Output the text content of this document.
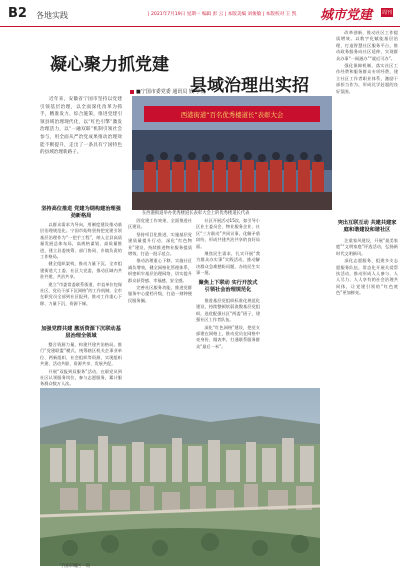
B2 各地实践	| 2021年7月19日 星期一 编辑 彭 云 | 本版美编 刘俊敏 | 本版校对 王 凯 城市党建 周刊
凝心聚力抓党建
县域治理出实招
■宁国市委党委 通讯员 钱 学虎

近年来，安徽省宁国市坚持以党建引领基层治理，以全面深化改革为抓手，精准发力、综合施策，推进党建引领县域治理现代化，以“红色引擎”激发治理活力，以“一融双联”机制引领社会参与，用全面从严治党成果推动治理效能不断提升，走出了一条具有宁国特色的县域治理新路子。

西港街道“百名优秀楼道长”表彰大会
在西港街道举办优秀楼道长表彰大会上的优秀楼道长代表
坚持高位推进 党建为纲构建治理强劲新格局

以群众需求为导向，用制度建设推动基层治理规范化。宁国市始终坚持把党建引领基层治理作为“一把手工程”，纳入全县高质量发展总体布局，高规格谋划、高质量推进，建立县委统筹、部门协同、乡镇负责的工作格局。

健全组织架构，推动力量下沉。全市组建街道大工委、社区大党委，推动区域内共驻共建、共治共享。

建立“市委常委联系街道、市直单位包保社区、党员干部下沉网格”的工作机制，全市在职党员全部到社区报到，推动工作重心下移、力量下沉、资源下倾。

加强党群共建 激活资源下沉联动基层治理全领域

整合资源力量，构建共建共治格局。推行“党建联盟”模式，统筹辖区机关企事业单位、两新组织、社会组织等资源，实现组织共建、活动共联、资源共享、发展共促。

开展“双报到双服务”活动，在职党员到社区认领服务岗位，参与志愿服务，累计服务群众数万人次。

固党建工作效果，全面推进社区建设。

坚持项目化推进，实施基层党建质量提升行动，深化“红色物业”建设，持续推进物业服务提质增效，打造一批示范点。

推动治理重心下移，实施社区减负增效，健全网格化管理体系，织密织牢基层治理网络，切实提升群众获得感、幸福感、安全感。

完善社区服务功能，推进党群服务中心提档升级，打造一刻钟便民服务圈。

社区开展活动15次，如引导小区业主委员会、物业服务企业、社区“三方联动”共同议事，化解矛盾纠纷，形成共建共治共享的良好局面。

聚焦民生需求，扎实开展“我为群众办实事”实践活动，推动解决群众急难愁盼问题，办结民生实事一批。

聚焦上下联动 实行开放式引领社会治理规范化

推进基层党组织标准化规范化建设，持续整顿软弱涣散基层党组织，选优配强社区“两委”班子，建强社区工作者队伍。

深化“红色网格”建设，把党支部建在网格上，推动党员在网格中亮身份、做表率，打通联系服务群众“最后一米”。

改革创新，推动社区工作提质增效。以数字化赋能基层治理，打造智慧社区服务平台，推动政务服务向社区延伸，实现群众办事“一网通办”“就近可办”。

强化保障机制，落实社区工作经费和服务群众专项经费，建立社区工作者职业体系，激励干部担当作为，形成比学赶超的良好氛围。

突出互联互动 共建共建家庭和谐建设和谐社区

注重家风建设，开展“最美家庭”“文明家庭”评选活动，弘扬新时代文明新风。

深化志愿服务，组建多支志愿服务队伍，常态化开展关爱帮扶活动，推动形成人人参与、人人尽力、人人享有的社会治理共同体，让党建引领的“红色底色”更加鲜亮。

宁国市城区一角
